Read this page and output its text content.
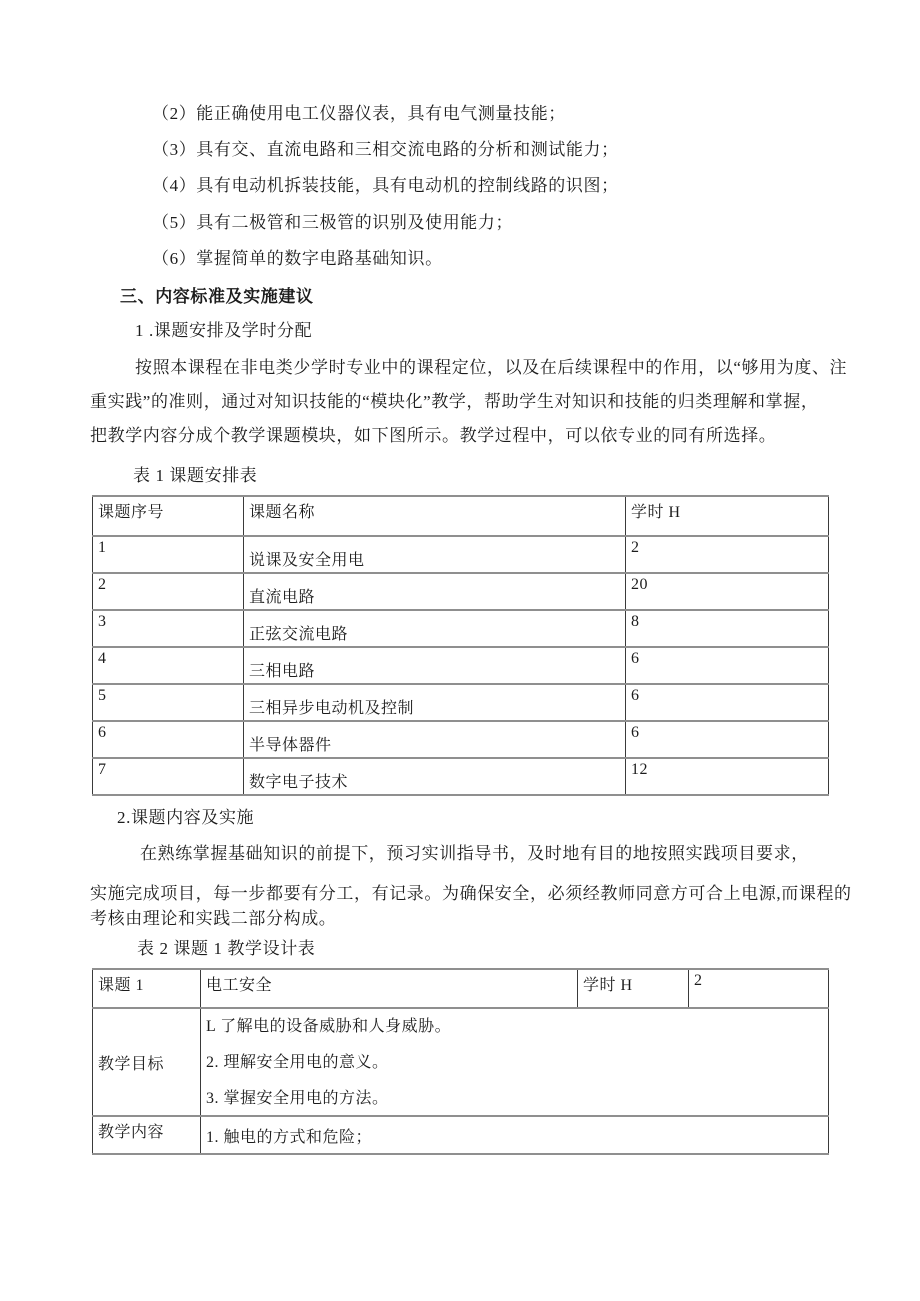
（2）能正确使用电工仪器仪表，具有电气测量技能；
（3）具有交、直流电路和三相交流电路的分析和测试能力；
（4）具有电动机拆装技能，具有电动机的控制线路的识图；
（5）具有二极管和三极管的识别及使用能力；
（6）掌握简单的数字电路基础知识。
三、内容标准及实施建议
1 .课题安排及学时分配
按照本课程在非电类少学时专业中的课程定位，以及在后续课程中的作用，以“够用为度、注
重实践”的准则，通过对知识技能的“模块化”教学，帮助学生对知识和技能的归类理解和掌握，
把教学内容分成个教学课题模块，如下图所示。教学过程中，可以依专业的同有所选择。
表 1 课题安排表
课题序号	课题名称	学时 H
1	说课及安全用电	2
2	直流电路	20
3	正弦交流电路	8
4	三相电路	6
5	三相异步电动机及控制	6
6	半导体器件	6
7	数字电子技术	12
2.课题内容及实施
在熟练掌握基础知识的前提下，预习实训指导书，及时地有目的地按照实践项目要求，
实施完成项目，每一步都要有分工，有记录。为确保安全，必须经教师同意方可合上电源,而课程的
考核由理论和实践二部分构成。
表 2 课题 1 教学设计表
课题 1	电工安全	学时 H	2
教学目标	L 了解电的设备威胁和人身威胁。

2. 理解安全用电的意义。

3. 掌握安全用电的方法。		

教学内容	1. 触电的方式和危险；		
